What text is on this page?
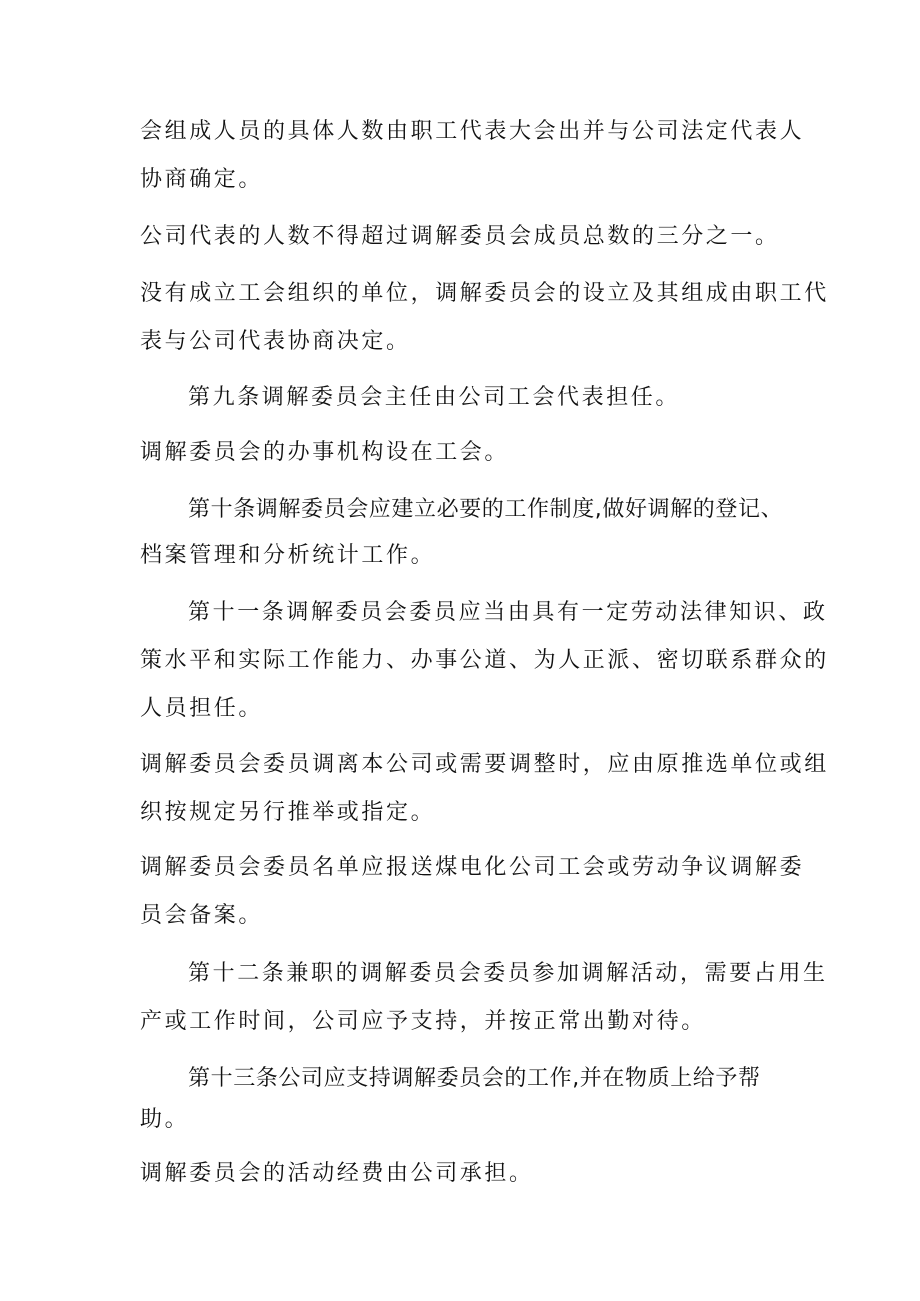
会组成人员的具体人数由职工代表大会出并与公司法定代表人
协商确定。
公司代表的人数不得超过调解委员会成员总数的三分之一。
没有成立工会组织的单位，调解委员会的设立及其组成由职工代
表与公司代表协商决定。
第九条调解委员会主任由公司工会代表担任。
调解委员会的办事机构设在工会。
第十条调解委员会应建立必要的工作制度,做好调解的登记、
档案管理和分析统计工作。
第十一条调解委员会委员应当由具有一定劳动法律知识、政
策水平和实际工作能力、办事公道、为人正派、密切联系群众的
人员担任。
调解委员会委员调离本公司或需要调整时，应由原推选单位或组
织按规定另行推举或指定。
调解委员会委员名单应报送煤电化公司工会或劳动争议调解委
员会备案。
第十二条兼职的调解委员会委员参加调解活动，需要占用生
产或工作时间，公司应予支持，并按正常出勤对待。
第十三条公司应支持调解委员会的工作,并在物质上给予帮
助。
调解委员会的活动经费由公司承担。
